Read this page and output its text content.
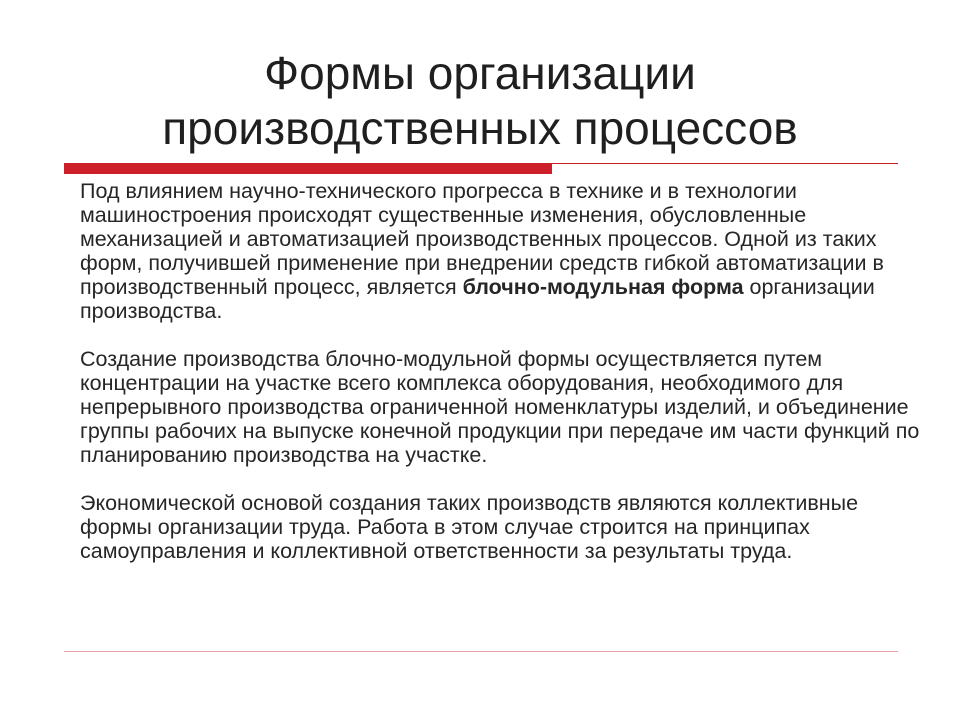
Формы организации
производственных процессов

Под влиянием научно-технического прогресса в технике и в технологии машиностроения происходят существенные изменения, обусловленные механизацией и автоматизацией производственных процессов. Одной из таких форм, получившей применение при внедрении средств гибкой автоматизации в производственный процесс, является блочно-модульная форма организации производства.

Создание производства блочно-модульной формы осуществляется путем концентрации на участке всего комплекса оборудования, необходимого для непрерывного производства ограниченной номенклатуры изделий, и объединение группы рабочих на выпуске конечной продукции при передаче им части функций по планированию производства на участке.

Экономической основой создания таких производств являются коллективные формы организации труда. Работа в этом случае строится на принципах самоуправления и коллективной ответственности за результаты труда.
